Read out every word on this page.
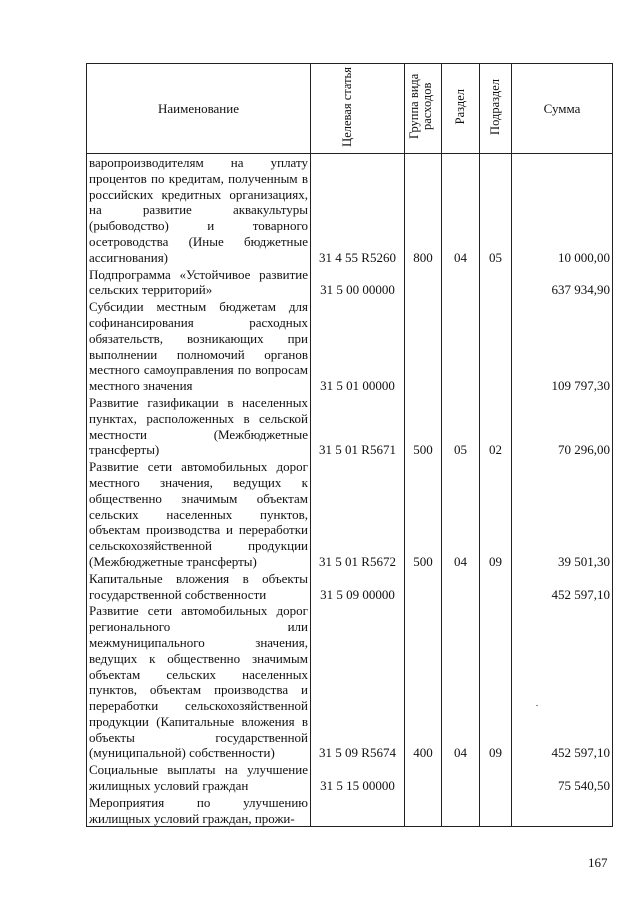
Наименование	Целевая статья	Группа вида расходов	Раздел	Подраздел	Сумма
варопроизводителям на уплату процентов по кредитам, полученным в российских кредитных организациях, на развитие аквакультуры (рыбоводство) и товарного осетроводства (Иные бюджетные ассигнования)	31 4 55 R5260	800	04	05	10 000,00
Подпрограмма «Устойчивое развитие сельских территорий»	31 5 00 00000				637 934,90
Субсидии местным бюджетам для софинансирования расходных обязательств, возникающих при выполнении полномочий органов местного самоуправления по вопросам местного значения	31 5 01 00000				109 797,30
Развитие газификации в населенных пунктах, расположенных в сельской местности (Межбюджетные трансферты)	31 5 01 R5671	500	05	02	70 296,00
Развитие сети автомобильных дорог местного значения, ведущих к общественно значимым объектам сельских населенных пунктов, объектам производства и переработки сельскохозяйственной продукции (Межбюджетные трансферты)	31 5 01 R5672	500	04	09	39 501,30
Капитальные вложения в объекты государственной собственности	31 5 09 00000				452 597,10
Развитие сети автомобильных дорог регионального или межмуниципального значения, ведущих к общественно значимым объектам сельских населенных пунктов, объектам производства и переработки сельскохозяйственной продукции (Капитальные вложения в объекты государственной (муниципальной) собственности)	31 5 09 R5674	400	04	09	452 597,10
Социальные выплаты на улучшение жилищных условий граждан	31 5 15 00000				75 540,50
Мероприятия по улучшению жилищных условий граждан, прожи-					
167
